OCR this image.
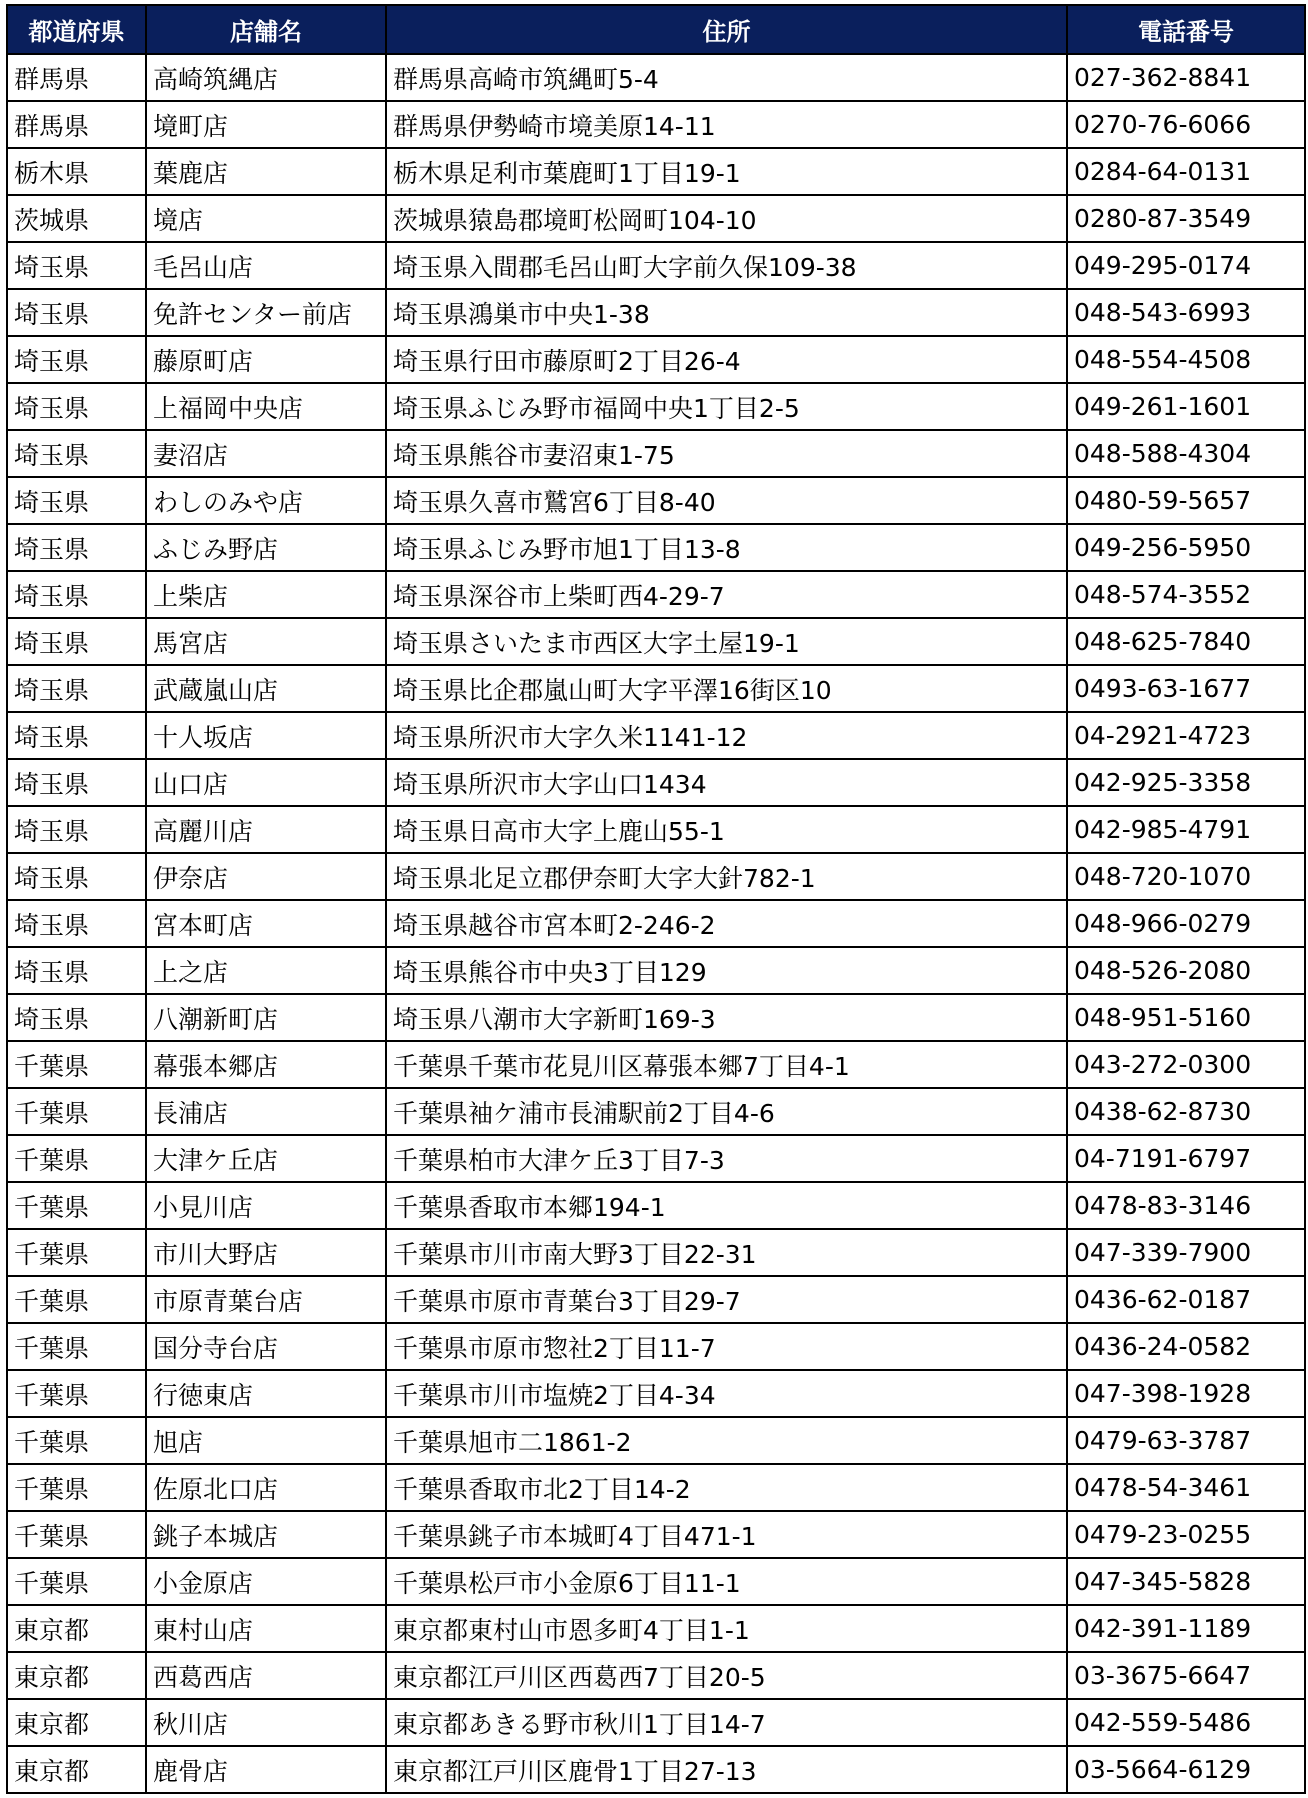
都道府県	店舗名	住所	電話番号
群馬県	高崎筑縄店	群馬県高崎市筑縄町5-4	027-362-8841
群馬県	境町店	群馬県伊勢崎市境美原14-11	0270-76-6066
栃木県	葉鹿店	栃木県足利市葉鹿町1丁目19-1	0284-64-0131
茨城県	境店	茨城県猿島郡境町松岡町104-10	0280-87-3549
埼玉県	毛呂山店	埼玉県入間郡毛呂山町大字前久保109-38	049-295-0174
埼玉県	免許センター前店	埼玉県鴻巣市中央1-38	048-543-6993
埼玉県	藤原町店	埼玉県行田市藤原町2丁目26-4	048-554-4508
埼玉県	上福岡中央店	埼玉県ふじみ野市福岡中央1丁目2-5	049-261-1601
埼玉県	妻沼店	埼玉県熊谷市妻沼東1-75	048-588-4304
埼玉県	わしのみや店	埼玉県久喜市鷲宮6丁目8-40	0480-59-5657
埼玉県	ふじみ野店	埼玉県ふじみ野市旭1丁目13-8	049-256-5950
埼玉県	上柴店	埼玉県深谷市上柴町西4-29-7	048-574-3552
埼玉県	馬宮店	埼玉県さいたま市西区大字土屋19-1	048-625-7840
埼玉県	武蔵嵐山店	埼玉県比企郡嵐山町大字平澤16街区10	0493-63-1677
埼玉県	十人坂店	埼玉県所沢市大字久米1141-12	04-2921-4723
埼玉県	山口店	埼玉県所沢市大字山口1434	042-925-3358
埼玉県	高麗川店	埼玉県日高市大字上鹿山55-1	042-985-4791
埼玉県	伊奈店	埼玉県北足立郡伊奈町大字大針782-1	048-720-1070
埼玉県	宮本町店	埼玉県越谷市宮本町2-246-2	048-966-0279
埼玉県	上之店	埼玉県熊谷市中央3丁目129	048-526-2080
埼玉県	八潮新町店	埼玉県八潮市大字新町169-3	048-951-5160
千葉県	幕張本郷店	千葉県千葉市花見川区幕張本郷7丁目4-1	043-272-0300
千葉県	長浦店	千葉県袖ケ浦市長浦駅前2丁目4-6	0438-62-8730
千葉県	大津ケ丘店	千葉県柏市大津ケ丘3丁目7-3	04-7191-6797
千葉県	小見川店	千葉県香取市本郷194-1	0478-83-3146
千葉県	市川大野店	千葉県市川市南大野3丁目22-31	047-339-7900
千葉県	市原青葉台店	千葉県市原市青葉台3丁目29-7	0436-62-0187
千葉県	国分寺台店	千葉県市原市惣社2丁目11-7	0436-24-0582
千葉県	行徳東店	千葉県市川市塩焼2丁目4-34	047-398-1928
千葉県	旭店	千葉県旭市二1861-2	0479-63-3787
千葉県	佐原北口店	千葉県香取市北2丁目14-2	0478-54-3461
千葉県	銚子本城店	千葉県銚子市本城町4丁目471-1	0479-23-0255
千葉県	小金原店	千葉県松戸市小金原6丁目11-1	047-345-5828
東京都	東村山店	東京都東村山市恩多町4丁目1-1	042-391-1189
東京都	西葛西店	東京都江戸川区西葛西7丁目20-5	03-3675-6647
東京都	秋川店	東京都あきる野市秋川1丁目14-7	042-559-5486
東京都	鹿骨店	東京都江戸川区鹿骨1丁目27-13	03-5664-6129
